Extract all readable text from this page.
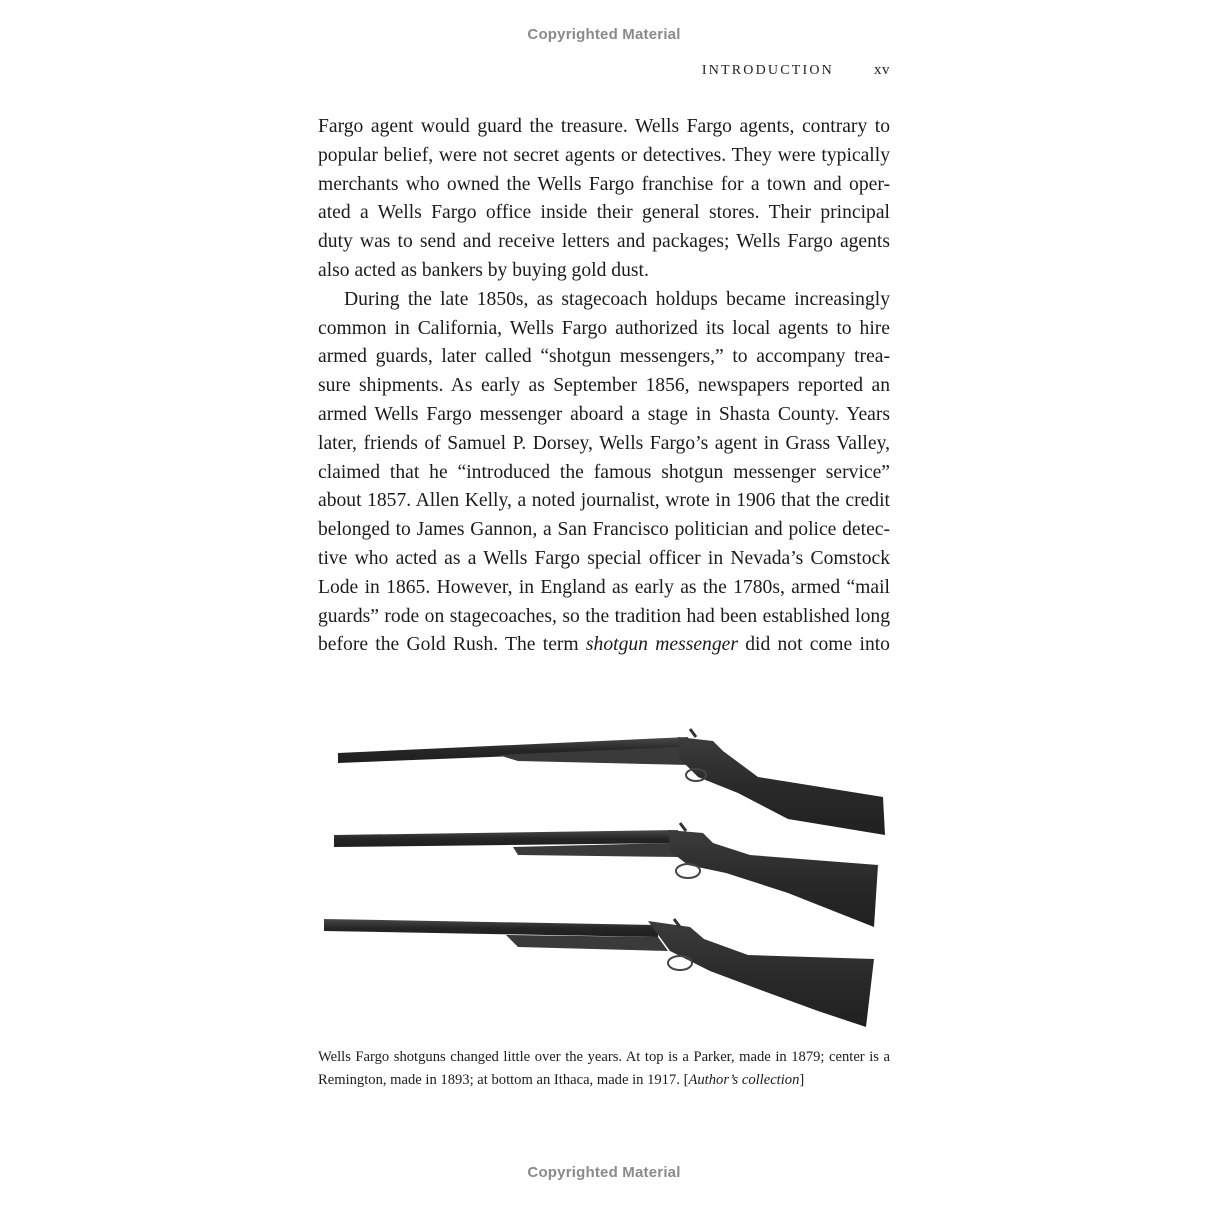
Copyrighted Material
INTRODUCTION	xv
Fargo agent would guard the treasure. Wells Fargo agents, contrary to
popular belief, were not secret agents or detectives. They were typically
merchants who owned the Wells Fargo franchise for a town and oper-
ated a Wells Fargo office inside their general stores. Their principal
duty was to send and receive letters and packages; Wells Fargo agents
also acted as bankers by buying gold dust.
During the late 1850s, as stagecoach holdups became increasingly
common in California, Wells Fargo authorized its local agents to hire
armed guards, later called “shotgun messengers,” to accompany trea-
sure shipments. As early as September 1856, newspapers reported an
armed Wells Fargo messenger aboard a stage in Shasta County. Years
later, friends of Samuel P. Dorsey, Wells Fargo’s agent in Grass Valley,
claimed that he “introduced the famous shotgun messenger service”
about 1857. Allen Kelly, a noted journalist, wrote in 1906 that the credit
belonged to James Gannon, a San Francisco politician and police detec-
tive who acted as a Wells Fargo special officer in Nevada’s Comstock
Lode in 1865. However, in England as early as the 1780s, armed “mail
guards” rode on stagecoaches, so the tradition had been established long
before the Gold Rush. The term shotgun messenger did not come into
Wells Fargo shotguns changed little over the years. At top is a Parker, made in 1879; center is a
Remington, made in 1893; at bottom an Ithaca, made in 1917. [Author’s collection]
Copyrighted Material
